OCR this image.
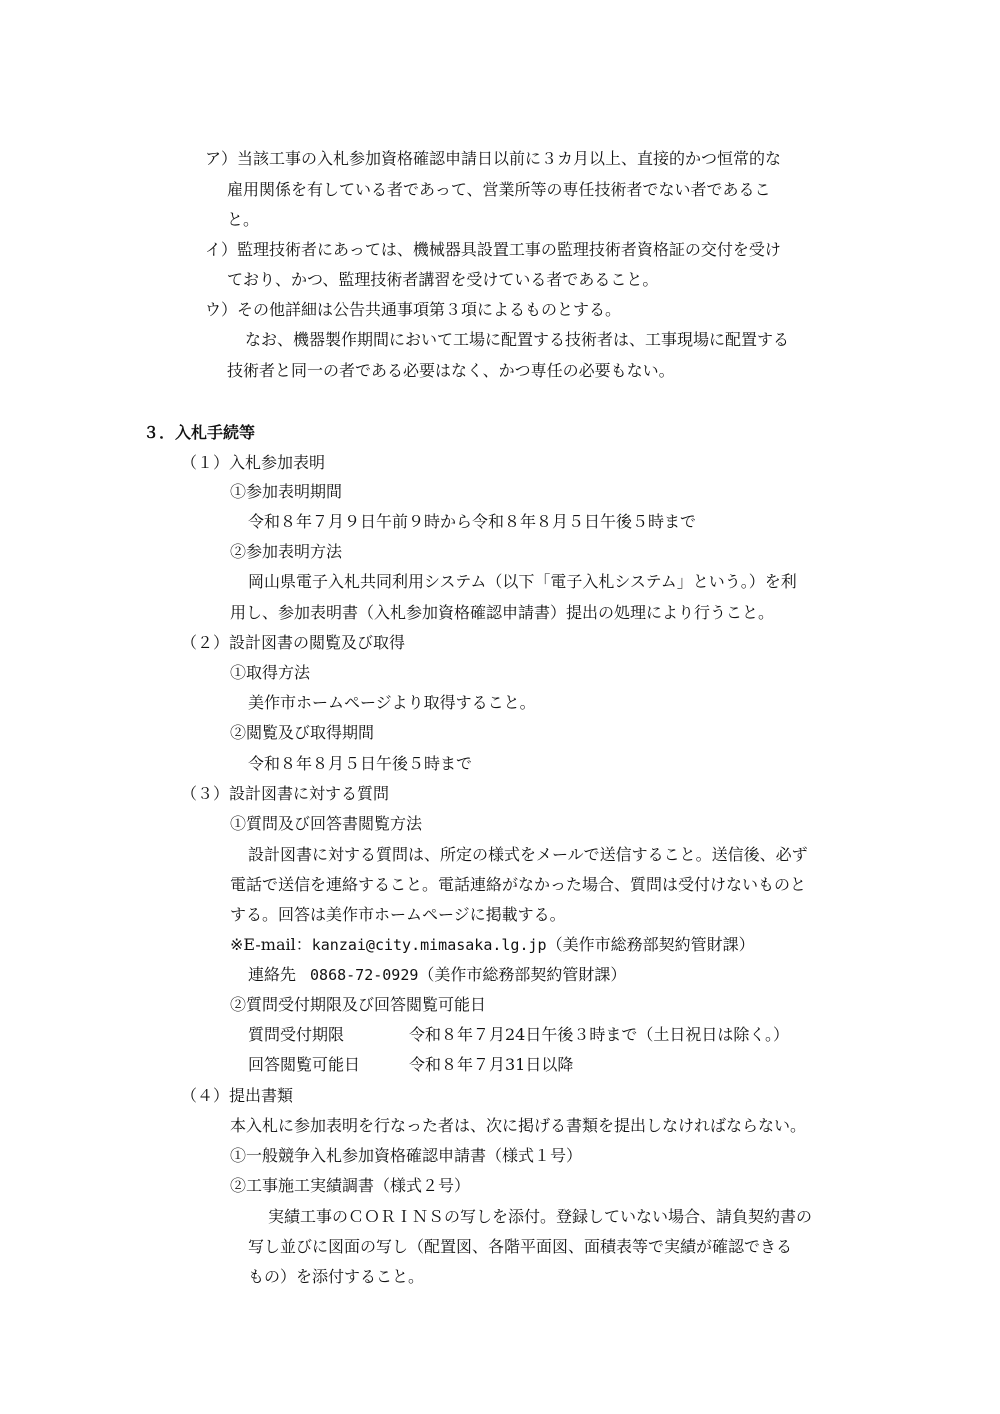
ア）当該工事の入札参加資格確認申請日以前に３カ月以上、直接的かつ恒常的な
雇用関係を有している者であって、営業所等の専任技術者でない者であるこ
と。
イ）監理技術者にあっては、機械器具設置工事の監理技術者資格証の交付を受け
ており、かつ、監理技術者講習を受けている者であること。
ウ）その他詳細は公告共通事項第３項によるものとする。
なお、機器製作期間において工場に配置する技術者は、工事現場に配置する
技術者と同一の者である必要はなく、かつ専任の必要もない。
３．入札手続等
（１）入札参加表明
①参加表明期間
令和８年７月９日午前９時から令和８年８月５日午後５時まで
②参加表明方法
岡山県電子入札共同利用システム（以下「電子入札システム」という。）を利
用し、参加表明書（入札参加資格確認申請書）提出の処理により行うこと。
（２）設計図書の閲覧及び取得
①取得方法
美作市ホームページより取得すること。
②閲覧及び取得期間
令和８年８月５日午後５時まで
（３）設計図書に対する質問
①質問及び回答書閲覧方法
設計図書に対する質問は、所定の様式をメールで送信すること。送信後、必ず
電話で送信を連絡すること。電話連絡がなかった場合、質問は受付けないものと
する。回答は美作市ホームページに掲載する。
※E-mail：kanzai@city.mimasaka.lg.jp（美作市総務部契約管財課）
連絡先 0868-72-0929（美作市総務部契約管財課）
②質問受付期限及び回答閲覧可能日
質問受付期限	令和８年７月24日午後３時まで（土日祝日は除く。）
回答閲覧可能日	令和８年７月31日以降
（４）提出書類
本入札に参加表明を行なった者は、次に掲げる書類を提出しなければならない。
①一般競争入札参加資格確認申請書（様式１号）
②工事施工実績調書（様式２号）
実績工事のＣＯＲＩＮＳの写しを添付。登録していない場合、請負契約書の
写し並びに図面の写し（配置図、各階平面図、面積表等で実績が確認できる
もの）を添付すること。
